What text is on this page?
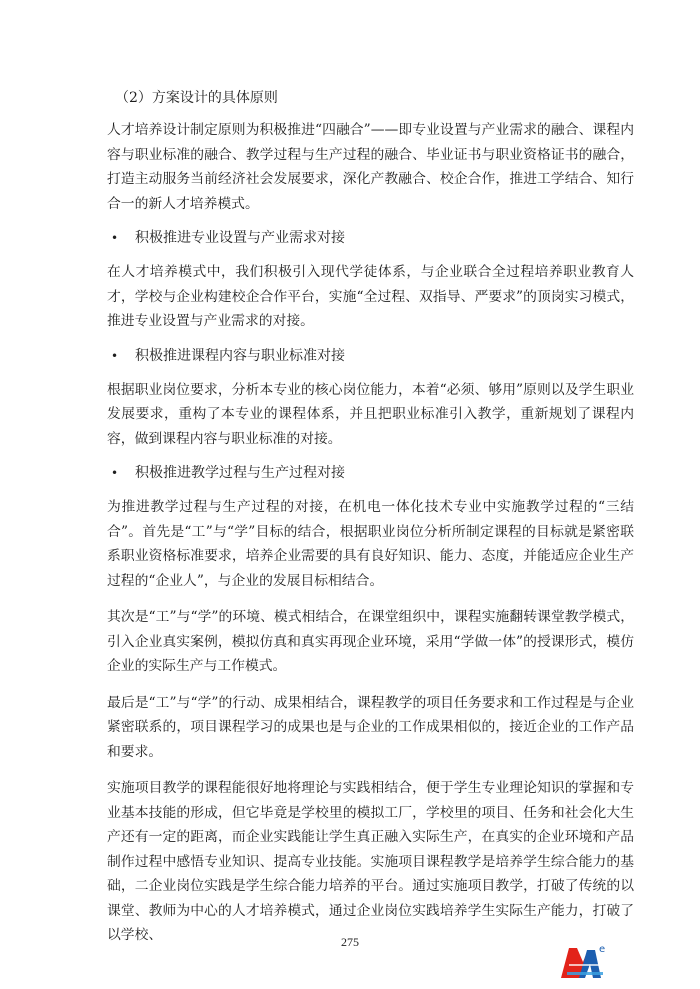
（2）方案设计的具体原则

人才培养设计制定原则为积极推进“四融合”——即专业设置与产业需求的融合、课程内容与职业标准的融合、教学过程与生产过程的融合、毕业证书与职业资格证书的融合，打造主动服务当前经济社会发展要求，深化产教融合、校企合作，推进工学结合、知行合一的新人才培养模式。

•	积极推进专业设置与产业需求对接

在人才培养模式中，我们积极引入现代学徒体系，与企业联合全过程培养职业教育人才，学校与企业构建校企合作平台，实施“全过程、双指导、严要求”的顶岗实习模式，推进专业设置与产业需求的对接。

•	积极推进课程内容与职业标准对接

根据职业岗位要求，分析本专业的核心岗位能力，本着“必须、够用”原则以及学生职业发展要求，重构了本专业的课程体系，并且把职业标准引入教学，重新规划了课程内容，做到课程内容与职业标准的对接。

•	积极推进教学过程与生产过程对接

为推进教学过程与生产过程的对接，在机电一体化技术专业中实施教学过程的“三结合”。首先是“工”与“学”目标的结合，根据职业岗位分析所制定课程的目标就是紧密联系职业资格标准要求，培养企业需要的具有良好知识、能力、态度，并能适应企业生产过程的“企业人”，与企业的发展目标相结合。

其次是“工”与“学”的环境、模式相结合，在课堂组织中，课程实施翻转课堂教学模式，引入企业真实案例，模拟仿真和真实再现企业环境，采用“学做一体”的授课形式，模仿企业的实际生产与工作模式。

最后是“工”与“学”的行动、成果相结合，课程教学的项目任务要求和工作过程是与企业紧密联系的，项目课程学习的成果也是与企业的工作成果相似的，接近企业的工作产品和要求。

实施项目教学的课程能很好地将理论与实践相结合，便于学生专业理论知识的掌握和专业基本技能的形成，但它毕竟是学校里的模拟工厂，学校里的项目、任务和社会化大生产还有一定的距离，而企业实践能让学生真正融入实际生产，在真实的企业环境和产品制作过程中感悟专业知识、提高专业技能。实施项目课程教学是培养学生综合能力的基础，二企业岗位实践是学生综合能力培养的平台。通过实施项目教学，打破了传统的以课堂、教师为中心的人才培养模式，通过企业岗位实践培养学生实际生产能力，打破了以学校、	275
e
